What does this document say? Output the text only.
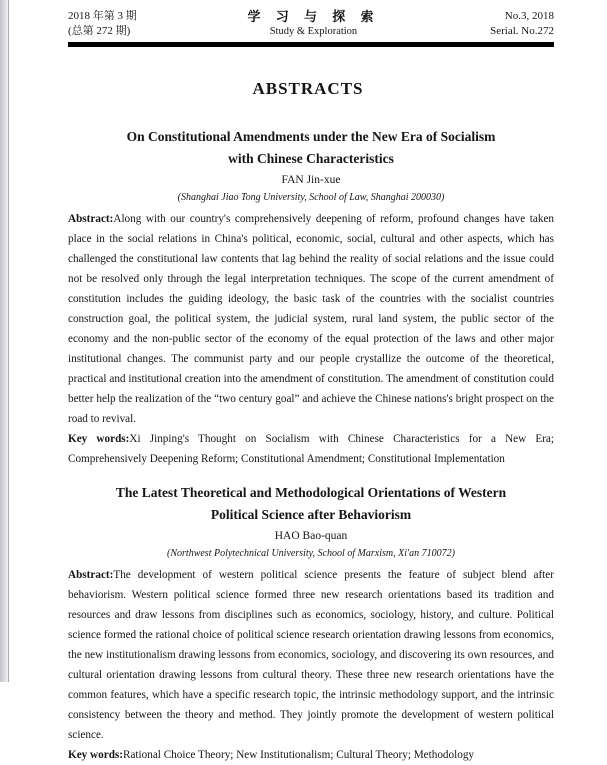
2018 年第 3 期
(总第 272 期)
学 习 与 探 索
Study & Exploration
No.3, 2018
Serial. No.272
ABSTRACTS
On Constitutional Amendments under the New Era of Socialism
with Chinese Characteristics
FAN Jin-xue
(Shanghai Jiao Tong University, School of Law, Shanghai 200030)

Abstract:Along with our country's comprehensively deepening of reform, profound changes have taken place in the social relations in China's political, economic, social, cultural and other aspects, which has challenged the constitutional law contents that lag behind the reality of social relations and the issue could not be resolved only through the legal interpretation techniques. The scope of the current amendment of constitution includes the guiding ideology, the basic task of the countries with the socialist countries construction goal, the political system, the judicial system, rural land system, the public sector of the economy and the non-public sector of the economy of the equal protection of the laws and other major institutional changes. The communist party and our people crystallize the outcome of the theoretical, practical and institutional creation into the amendment of constitution. The amendment of constitution could better help the realization of the “two century goal” and achieve the Chinese nations's bright prospect on the road to revival.

Key words:Xi Jinping's Thought on Socialism with Chinese Characteristics for a New Era; Comprehensively Deepening Reform; Constitutional Amendment; Constitutional Implementation

The Latest Theoretical and Methodological Orientations of Western
Political Science after Behaviorism
HAO Bao-quan
(Northwest Polytechnical University, School of Marxism, Xi'an 710072)

Abstract:The development of western political science presents the feature of subject blend after behaviorism. Western political science formed three new research orientations based its tradition and resources and draw lessons from disciplines such as economics, sociology, history, and culture. Political science formed the rational choice of political science research orientation drawing lessons from economics, the new institutionalism drawing lessons from economics, sociology, and discovering its own resources, and cultural orientation drawing lessons from cultural theory. These three new research orientations have the common features, which have a specific research topic, the intrinsic methodology support, and the intrinsic consistency between the theory and method. They jointly promote the development of western political science.

Key words:Rational Choice Theory; New Institutionalism; Cultural Theory; Methodology
